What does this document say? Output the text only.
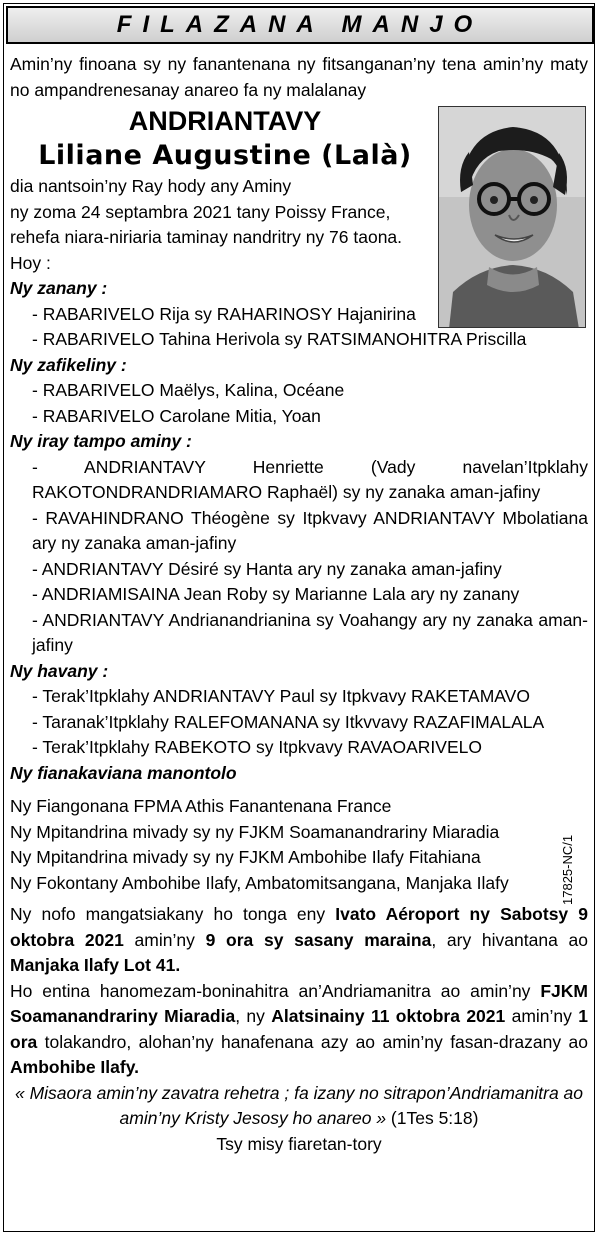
FILAZANA MANJO

Amin’ny finoana sy ny fanantenana ny fitsanganan’ny tena amin’ny maty no ampandrenesanay anareo fa ny malalanay

ANDRIANTAVY

Liliane Augustine (Lalà)

dia nantsoin’ny Ray hody any Aminy

ny zoma 24 septambra 2021 tany Poissy France,

rehefa niara-niriaria taminay nandritry ny 76 taona.

Hoy :

Ny zanany :

- RABARIVELO Rija sy RAHARINOSY Hajanirina

- RABARIVELO Tahina Herivola sy RATSIMANOHITRA Priscilla

Ny zafikeliny :

- RABARIVELO Maëlys, Kalina, Océane

- RABARIVELO Carolane Mitia, Yoan

Ny iray tampo aminy :

- ANDRIANTAVY Henriette (Vady navelan’Itpklahy RAKOTONDRANDRIAMARO Raphaël) sy ny zanaka aman-jafiny

- RAVAHINDRANO Théogène sy Itpkvavy ANDRIANTAVY Mbolatiana ary ny zanaka aman-jafiny

- ANDRIANTAVY Désiré sy Hanta ary ny zanaka aman-jafiny

- ANDRIAMISAINA Jean Roby sy Marianne Lala ary ny zanany

- ANDRIANTAVY Andrianandrianina sy Voahangy ary ny zanaka aman-jafiny

Ny havany :

- Terak’Itpklahy ANDRIANTAVY Paul sy Itpkvavy RAKETAMAVO

- Taranak’Itpklahy RALEFOMANANA sy Itkvvavy RAZAFIMALALA

- Terak’Itpklahy RABEKOTO sy Itpkvavy RAVAOARIVELO

Ny fianakaviana manontolo

Ny Fiangonana FPMA Athis Fanantenana France

Ny Mpitandrina mivady sy ny FJKM Soamanandrariny Miaradia

Ny Mpitandrina mivady sy ny FJKM Ambohibe Ilafy Fitahiana

Ny Fokontany Ambohibe Ilafy, Ambatomitsangana, Manjaka Ilafy

Ny nofo mangatsiakany ho tonga eny Ivato Aéroport ny Sabotsy 9 oktobra 2021 amin’ny 9 ora sy sasany maraina, ary hivantana ao Manjaka Ilafy Lot 41.

Ho entina hanomezam-boninahitra an’Andriamanitra ao amin’ny FJKM Soamanandrariny Miaradia, ny Alatsinainy 11 oktobra 2021 amin’ny 1 ora tolakandro, alohan’ny hanafenana azy ao amin’ny fasan-drazany ao Ambohibe Ilafy.

« Misaora amin’ny zavatra rehetra ; fa izany no sitrapon’Andriamanitra ao amin’ny Kristy Jesosy ho anareo » (1Tes 5:18)

Tsy misy fiaretan-tory

17825-NC/1
